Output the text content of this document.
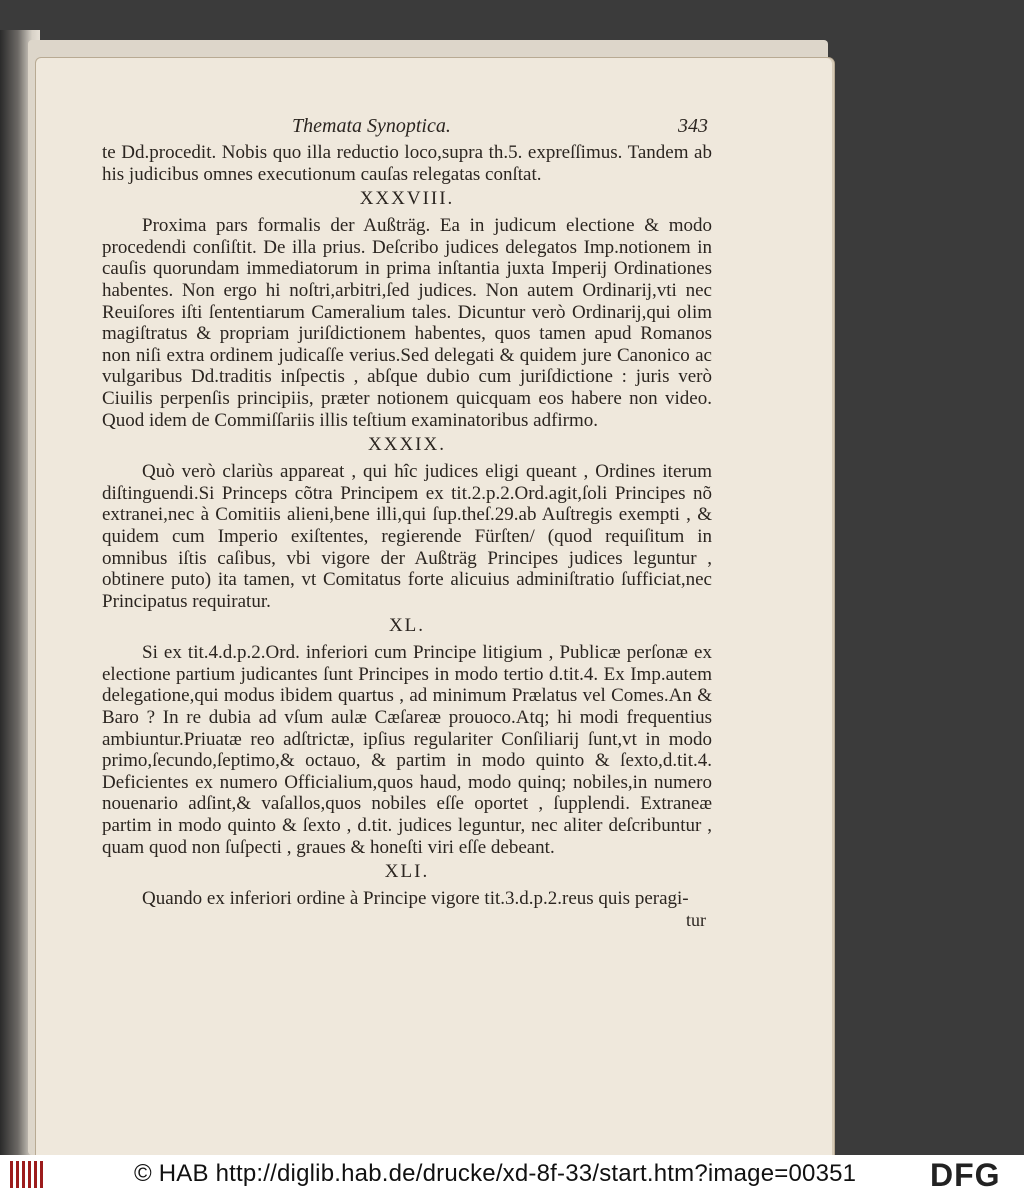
Themata Synoptica.	343

te Dd.procedit. Nobis quo illa reductio loco,supra th.5. expreſſimus. Tandem ab his judicibus omnes executionum cauſas relegatas conſtat.

XXXVIII.

Proxima pars formalis der Außträg. Ea in judicum electione & modo procedendi conſiſtit. De illa prius. Deſcribo judices delegatos Imp.notionem in cauſis quorundam immediatorum in prima inſtantia juxta Imperij Ordinationes habentes. Non ergo hi noſtri,arbitri,ſed judices. Non autem Ordinarij,vti nec Reuiſores iſti ſententiarum Cameralium tales. Dicuntur verò Ordinarij,qui olim magiſtratus & propriam juriſdictionem habentes, quos tamen apud Romanos non niſi extra ordinem judicaſſe verius.Sed delegati & quidem jure Canonico ac vulgaribus Dd.traditis inſpectis , abſque dubio cum juriſdictione : juris verò Ciuilis perpenſis principiis, præter notionem quicquam eos habere non video. Quod idem de Commiſſariis illis teſtium examinatoribus adfirmo.

XXXIX.

Quò verò clariùs appareat , qui hîc judices eligi queant , Ordines iterum diſtinguendi.Si Princeps cõtra Principem ex tit.2.p.2.Ord.agit,ſoli Principes nõ extranei,nec à Comitiis alieni,bene illi,qui ſup.theſ.29.ab Auſtregis exempti , & quidem cum Imperio exiſtentes, regierende Fürſten/ (quod requiſitum in omnibus iſtis caſibus, vbi vigore der Außträg Principes judices leguntur , obtinere puto) ita tamen, vt Comitatus forte alicuius adminiſtratio ſufficiat,nec Principatus requiratur.

XL.

Si ex tit.4.d.p.2.Ord. inferiori cum Principe litigium , Publicæ perſonæ ex electione partium judicantes ſunt Principes in modo tertio d.tit.4. Ex Imp.autem delegatione,qui modus ibidem quartus , ad minimum Prælatus vel Comes.An & Baro ? In re dubia ad vſum aulæ Cæſareæ prouoco.Atq; hi modi frequentius ambiuntur.Priuatæ reo adſtrictæ, ipſius regulariter Conſiliarij ſunt,vt in modo primo,ſecundo,ſeptimo,& octauo, & partim in modo quinto & ſexto,d.tit.4. Deficientes ex numero Officialium,quos haud, modo quinq; nobiles,in numero nouenario adſint,& vaſallos,quos nobiles eſſe oportet , ſupplendi. Extraneæ partim in modo quinto & ſexto , d.tit. judices leguntur, nec aliter deſcribuntur , quam quod non ſuſpecti , graues & honeſti viri eſſe debeant.

XLI.

Quando ex inferiori ordine à Principe vigore tit.3.d.p.2.reus quis peragi-

tur

© HAB http://diglib.hab.de/drucke/xd-8f-33/start.htm?image=00351 DFG
